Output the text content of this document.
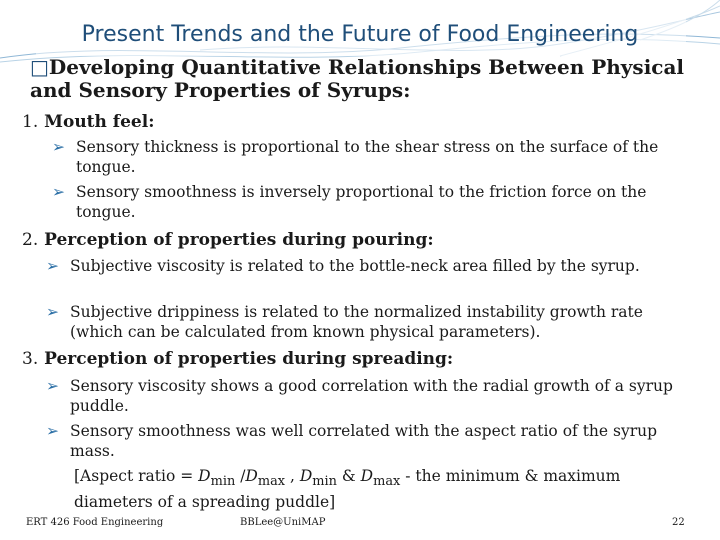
Present Trends and the Future of Food Engineering
□Developing Quantitative Relationships Between Physical and Sensory Properties of Syrups:
1. Mouth feel:
➢ Sensory thickness is proportional to the shear stress on the surface of the tongue.
➢ Sensory smoothness is inversely proportional to the friction force on the tongue.
2. Perception of properties during pouring:
➢ Subjective viscosity is related to the bottle-neck area filled by the syrup.
➢ Subjective drippiness is related to the normalized instability growth rate (which can be calculated from known physical parameters).
3. Perception of properties during spreading:
➢ Sensory viscosity shows a good correlation with the radial growth of a syrup puddle.
➢ Sensory smoothness was well correlated with the aspect ratio of the syrup mass.
[Aspect ratio = $D_{min}$ $/D_{max}$ , $D_{min}$ & $D_{max}$ - the minimum & maximum diameters of a spreading puddle]
ERT 426 Food Engineering	BBLee@UniMAP	22
